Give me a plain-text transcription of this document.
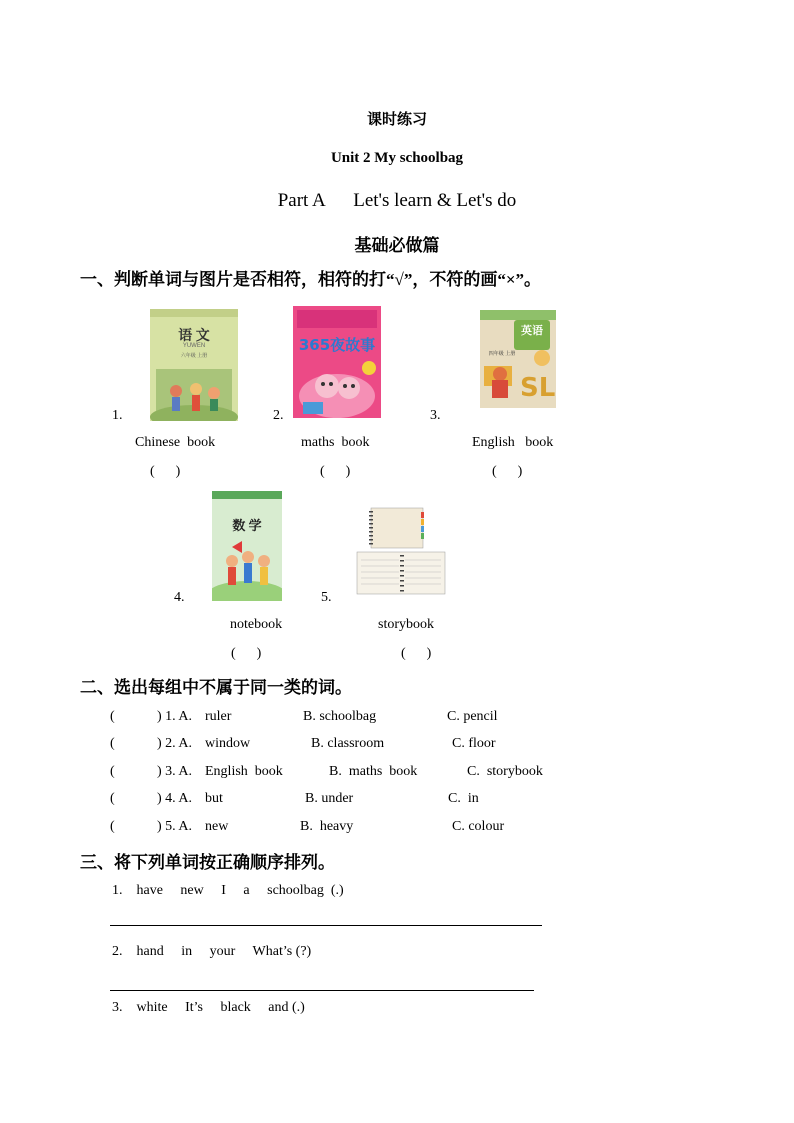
课时练习
Unit 2 My schoolbag
Part A      Let's learn & Let's do
基础必做篇
一、判断单词与图片是否相符，相符的打“√”，不符的画“×”。
语 文
YUWEN
六年级 上册
365夜故事
SL
英语
四年级 上册
1.	2.	3.
Chinese  book	maths  book	English   book
(      )	(      )	(      )
数 学
4.	5.
notebook	storybook
(      )	(      )
二、选出每组中不属于同一类的词。
(	) 1. A. ruler	B. schoolbag	C. pencil
(	) 2. A. window	B. classroom	C. floor
(	) 3. A. English  book	B.  maths  book	C.  storybook
(	) 4. A. but	B. under	C.  in
(	) 5. A. new	B.  heavy	C. colour
三、将下列单词按正确顺序排列。
1.    have     new     I     a     schoolbag  (.)
2.    hand     in     your     What’s (?)
3.    white     It’s     black     and (.)
